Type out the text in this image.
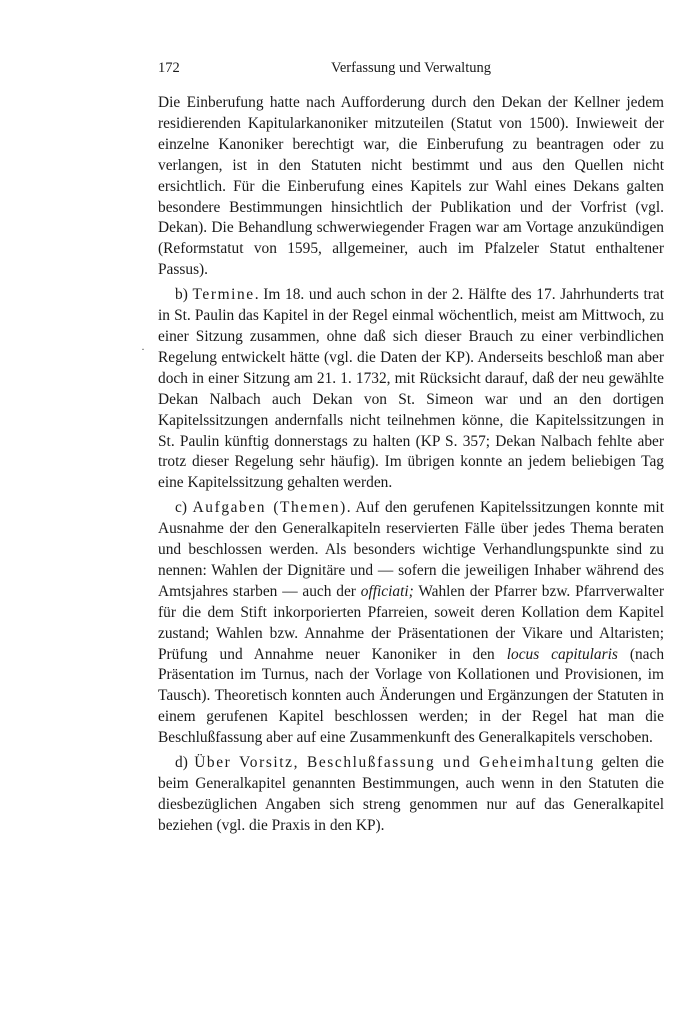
172	Verfassung und Verwaltung
·

Die Einberufung hatte nach Aufforderung durch den Dekan der Kellner jedem residierenden Kapitularkanoniker mitzuteilen (Statut von 1500). Inwieweit der einzelne Kanoniker berechtigt war, die Einberufung zu beantragen oder zu verlangen, ist in den Statuten nicht bestimmt und aus den Quellen nicht ersichtlich. Für die Einberufung eines Kapitels zur Wahl eines Dekans galten besondere Bestimmungen hinsichtlich der Publikation und der Vorfrist (vgl. Dekan). Die Behandlung schwerwiegender Fragen war am Vortage anzukündigen (Reformstatut von 1595, allgemeiner, auch im Pfalzeler Statut enthaltener Passus).

b) Termine. Im 18. und auch schon in der 2. Hälfte des 17. Jahrhunderts trat in St. Paulin das Kapitel in der Regel einmal wöchentlich, meist am Mittwoch, zu einer Sitzung zusammen, ohne daß sich dieser Brauch zu einer verbindlichen Regelung entwickelt hätte (vgl. die Daten der KP). Anderseits beschloß man aber doch in einer Sitzung am 21. 1. 1732, mit Rücksicht darauf, daß der neu gewählte Dekan Nalbach auch Dekan von St. Simeon war und an den dortigen Kapitelssitzungen andernfalls nicht teilnehmen könne, die Kapitelssitzungen in St. Paulin künftig donnerstags zu halten (KP S. 357; Dekan Nalbach fehlte aber trotz dieser Regelung sehr häufig). Im übrigen konnte an jedem beliebigen Tag eine Kapitelssitzung gehalten werden.

c) Aufgaben (Themen). Auf den gerufenen Kapitelssitzungen konnte mit Ausnahme der den Generalkapiteln reservierten Fälle über jedes Thema beraten und beschlossen werden. Als besonders wichtige Verhandlungspunkte sind zu nennen: Wahlen der Dignitäre und — sofern die jeweiligen Inhaber während des Amtsjahres starben — auch der officiati; Wahlen der Pfarrer bzw. Pfarrverwalter für die dem Stift inkorporierten Pfarreien, soweit deren Kollation dem Kapitel zustand; Wahlen bzw. Annahme der Präsentationen der Vikare und Altaristen; Prüfung und Annahme neuer Kanoniker in den locus capitularis (nach Präsentation im Turnus, nach der Vorlage von Kollationen und Provisionen, im Tausch). Theoretisch konnten auch Änderungen und Ergänzungen der Statuten in einem gerufenen Kapitel beschlossen werden; in der Regel hat man die Beschlußfassung aber auf eine Zusammenkunft des Generalkapitels verschoben.

d) Über Vorsitz, Beschlußfassung und Geheimhaltung gelten die beim Generalkapitel genannten Bestimmungen, auch wenn in den Statuten die diesbezüglichen Angaben sich streng genommen nur auf das Generalkapitel beziehen (vgl. die Praxis in den KP).
